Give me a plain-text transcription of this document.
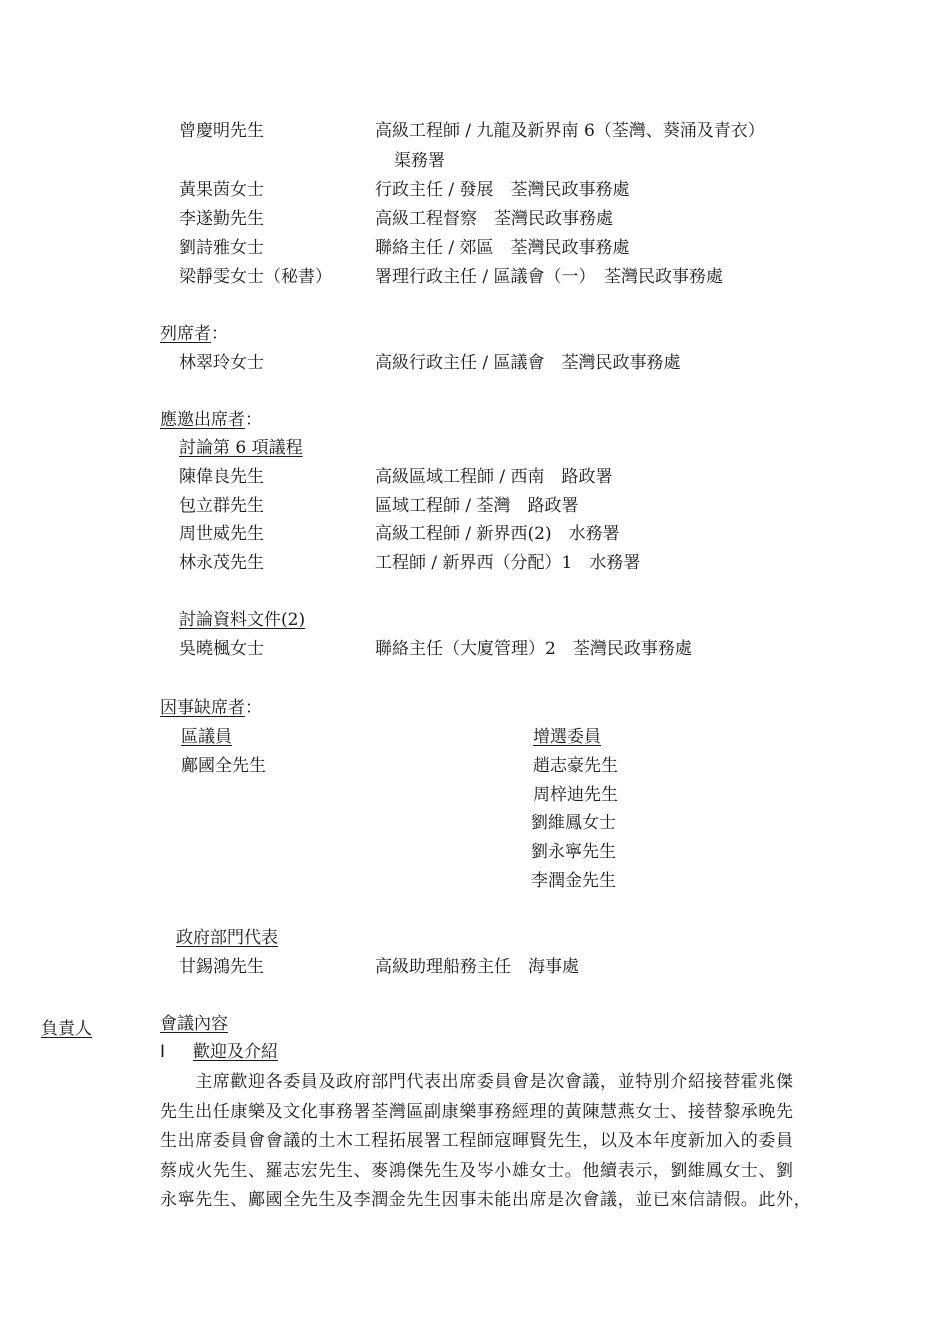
曾慶明先生	高級工程師 / 九龍及新界南 6（荃灣、葵涌及青衣）
渠務署
黃果茵女士	行政主任 / 發展　荃灣民政事務處
李遂勤先生	高級工程督察　荃灣民政事務處
劉詩雅女士	聯絡主任 / 郊區　荃灣民政事務處
梁靜雯女士（秘書）	署理行政主任 / 區議會（一）　荃灣民政事務處
列席者：
林翠玲女士	高級行政主任 / 區議會　荃灣民政事務處
應邀出席者：
討論第 6 項議程
陳偉良先生	高級區域工程師 / 西南　路政署
包立群先生	區域工程師 / 荃灣　路政署
周世威先生	高級工程師 / 新界西(2)　水務署
林永茂先生	工程師 / 新界西（分配）1　水務署
討論資料文件(2)
吳曉楓女士	聯絡主任（大廈管理）2　荃灣民政事務處
因事缺席者：
區議員	增選委員
鄺國全先生	趙志豪先生
周梓迪先生
劉維鳳女士
劉永寧先生
李潤金先生
政府部門代表
甘錫鴻先生	高級助理船務主任　海事處
負責人	會議內容
I 歡迎及介紹
　　主席歡迎各委員及政府部門代表出席委員會是次會議，並特別介紹接替霍兆傑
先生出任康樂及文化事務署荃灣區副康樂事務經理的黃陳慧燕女士、接替黎承晚先
生出席委員會會議的土木工程拓展署工程師寇暉賢先生，以及本年度新加入的委員
蔡成火先生、羅志宏先生、麥鴻傑先生及岑小雄女士。他續表示，劉維鳳女士、劉
永寧先生、鄺國全先生及李潤金先生因事未能出席是次會議，並已來信請假。此外，
